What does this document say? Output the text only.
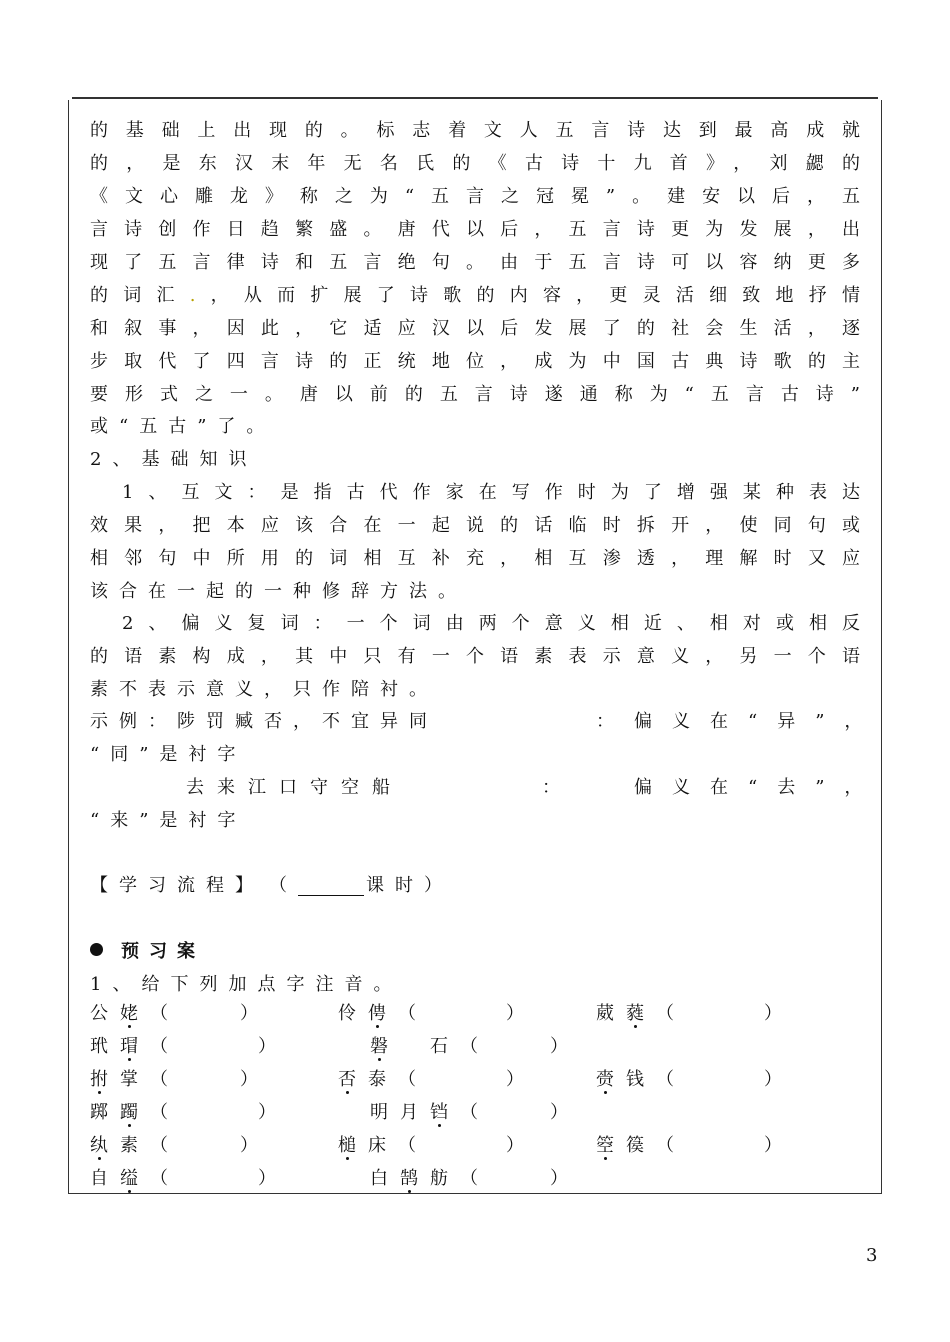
的基础上出现的。标志着文人五言诗达到最高成就
的，是东汉末年无名氏的《古诗十九首》，刘勰的
《文心雕龙》称之为“五言之冠冕”。建安以后，五
言诗创作日趋繁盛。唐代以后，五言诗更为发展，出
现了五言律诗和五言绝句。由于五言诗可以容纳更多
的词汇.，从而扩展了诗歌的内容，更灵活细致地抒情
和叙事，因此，它适应汉以后发展了的社会生活，逐
步取代了四言诗的正统地位，成为中国古典诗歌的主
要形式之一。唐以前的五言诗遂通称为“五言古诗”
或“五古”了。
2、基础知识
1、互文：是指古代作家在写作时为了增强某种表达
效果，把本应该合在一起说的话临时拆开，使同句或
相邻句中所用的词相互补充，相互渗透，理解时又应
该合在一起的一种修辞方法。
2、偏义复词：一个词由两个意义相近、相对或相反
的语素构成，其中只有一个语素表示意义，另一个语
素不表示意义，只作陪衬。
示例：陟罚臧否，不宜异同	： 偏义在“异”，
“同”是衬字
去来江口守空船	：	偏义在“去”，
“来”是衬字
【学习流程】 （	课时）
预习案
1、给下列加点字注音。
公姥（　　　　）	伶俜（　　　　　）	葳蕤（　　　　　）
玳瑁（　　　　　）	磐　石（　　　　）
拊掌（　　　　）	否泰（　　　　　）	赍钱（　　　　　）
踯躅（　　　　　）	明月铛（　　　　）
纨素（　　　　）	槌床（　　　　　）	箜篌（　　　　　）
自缢（　　　　　）	白鹄舫（　　　　）
3
